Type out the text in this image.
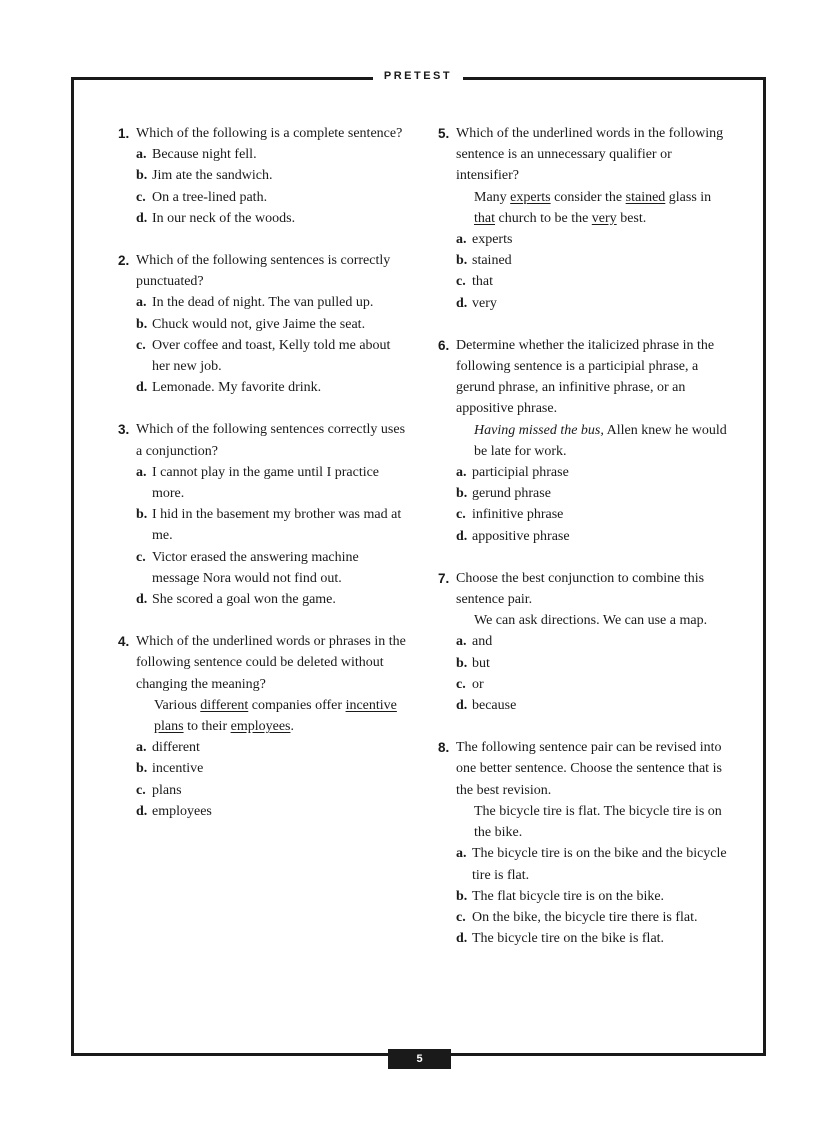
PRETEST
5
1. Which of the following is a complete sentence?
a. Because night fell.
b. Jim ate the sandwich.
c. On a tree-lined path.
d. In our neck of the woods.
2. Which of the following sentences is correctly punctuated?
a. In the dead of night. The van pulled up.
b. Chuck would not, give Jaime the seat.
c. Over coffee and toast, Kelly told me about her new job.
d. Lemonade. My favorite drink.
3. Which of the following sentences correctly uses a conjunction?
a. I cannot play in the game until I practice more.
b. I hid in the basement my brother was mad at me.
c. Victor erased the answering machine message Nora would not find out.
d. She scored a goal won the game.
4. Which of the underlined words or phrases in the following sentence could be deleted without changing the meaning?
Various different companies offer incentive plans to their employees.
a. different
b. incentive
c. plans
d. employees
5. Which of the underlined words in the following sentence is an unnecessary qualifier or intensifier?
Many experts consider the stained glass in that church to be the very best.
a. experts
b. stained
c. that
d. very
6. Determine whether the italicized phrase in the following sentence is a participial phrase, a gerund phrase, an infinitive phrase, or an appositive phrase.
Having missed the bus, Allen knew he would be late for work.
a. participial phrase
b. gerund phrase
c. infinitive phrase
d. appositive phrase
7. Choose the best conjunction to combine this sentence pair.
We can ask directions. We can use a map.
a. and
b. but
c. or
d. because
8. The following sentence pair can be revised into one better sentence. Choose the sentence that is the best revision.
The bicycle tire is flat. The bicycle tire is on the bike.
a. The bicycle tire is on the bike and the bicycle tire is flat.
b. The flat bicycle tire is on the bike.
c. On the bike, the bicycle tire there is flat.
d. The bicycle tire on the bike is flat.
